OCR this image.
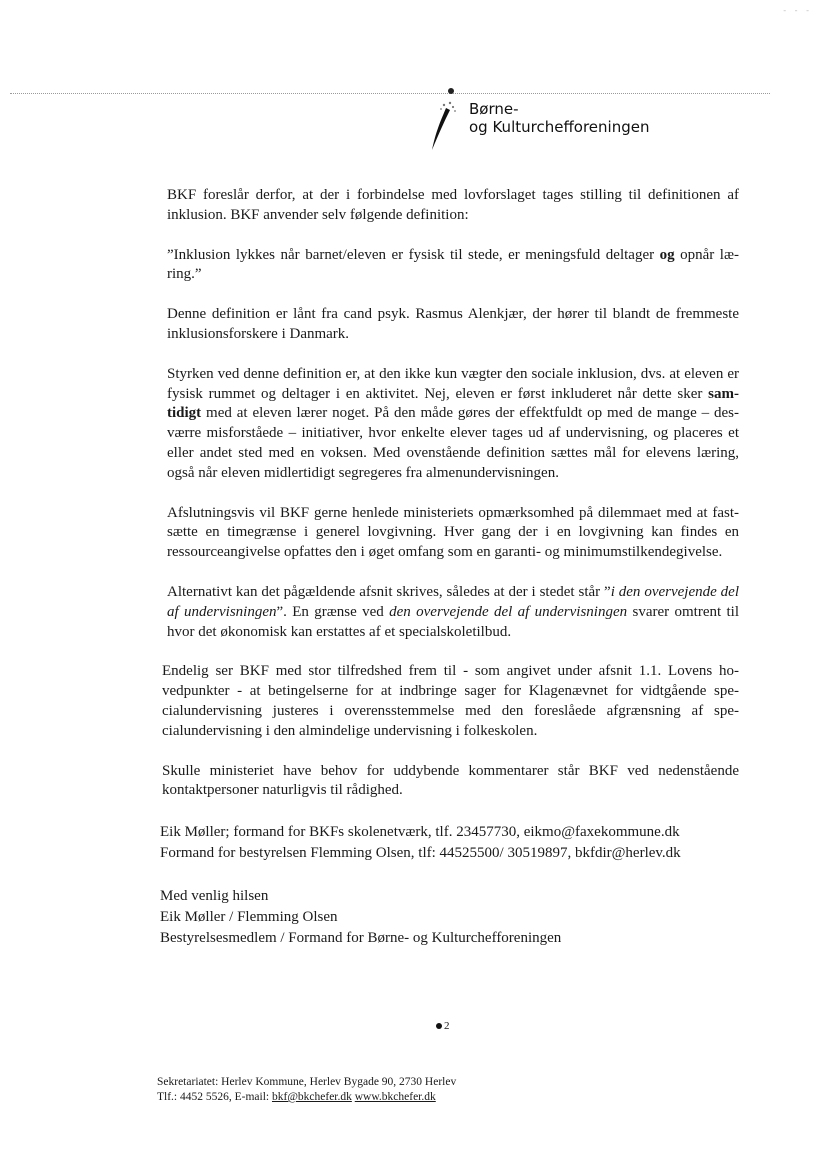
- - -
Børne-
og Kulturchefforeningen

BKF foreslår derfor, at der i forbindelse med lovforslaget tages stilling til definitionen af inklusion. BKF anvender selv følgende definition:

”Inklusion lykkes når barnet/eleven er fysisk til stede, er meningsfuld deltager og opnår læ-ring.”

Denne definition er lånt fra cand psyk. Rasmus Alenkjær, der hører til blandt de fremmeste inklusionsforskere i Danmark.

Styrken ved denne definition er, at den ikke kun vægter den sociale inklusion, dvs. at eleven er fysisk rummet og deltager i en aktivitet. Nej, eleven er først inkluderet når dette sker sam-tidigt med at eleven lærer noget. På den måde gøres der effektfuldt op med de mange – des-værre misforståede – initiativer, hvor enkelte elever tages ud af undervisning, og placeres et eller andet sted med en voksen. Med ovenstående definition sættes mål for elevens læring, også når eleven midlertidigt segregeres fra almenundervisningen.

Afslutningsvis vil BKF gerne henlede ministeriets opmærksomhed på dilemmaet med at fast-sætte en timegrænse i generel lovgivning. Hver gang der i en lovgivning kan findes en ressourceangivelse opfattes den i øget omfang som en garanti- og minimumstilkendegivelse.

Alternativt kan det pågældende afsnit skrives, således at der i stedet står ”i den overvejende del af undervisningen”. En grænse ved den overvejende del af undervisningen svarer omtrent til hvor det økonomisk kan erstattes af et specialskoletilbud.

Endelig ser BKF med stor tilfredshed frem til - som angivet under afsnit 1.1. Lovens ho-vedpunkter - at betingelserne for at indbringe sager for Klagenævnet for vidtgående spe-cialundervisning justeres i overensstemmelse med den foreslåede afgrænsning af spe-cialundervisning i den almindelige undervisning i folkeskolen.

Skulle ministeriet have behov for uddybende kommentarer står BKF ved nedenstående kontaktpersoner naturligvis til rådighed.

Eik Møller; formand for BKFs skolenetværk, tlf. 23457730, eikmo@faxekommune.dk
Formand for bestyrelsen Flemming Olsen, tlf: 44525500/ 30519897, bkfdir@herlev.dk
Med venlig hilsen
Eik Møller / Flemming Olsen
Bestyrelsesmedlem / Formand for Børne- og Kulturchefforeningen
2
Sekretariatet: Herlev Kommune, Herlev Bygade 90, 2730 Herlev
Tlf.: 4452 5526, E-mail: bkf@bkchefer.dk www.bkchefer.dk
